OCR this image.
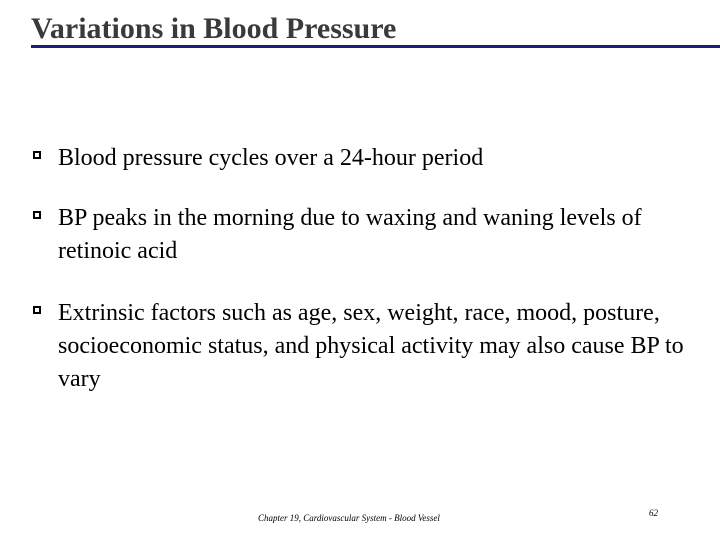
Variations in Blood Pressure
Blood pressure cycles over a 24-hour period
BP peaks in the morning due to waxing and waning levels of retinoic acid
Extrinsic factors such as age, sex, weight, race, mood, posture, socioeconomic status, and physical activity may also cause BP to vary
Chapter 19, Cardiovascular System - Blood Vessel	62
